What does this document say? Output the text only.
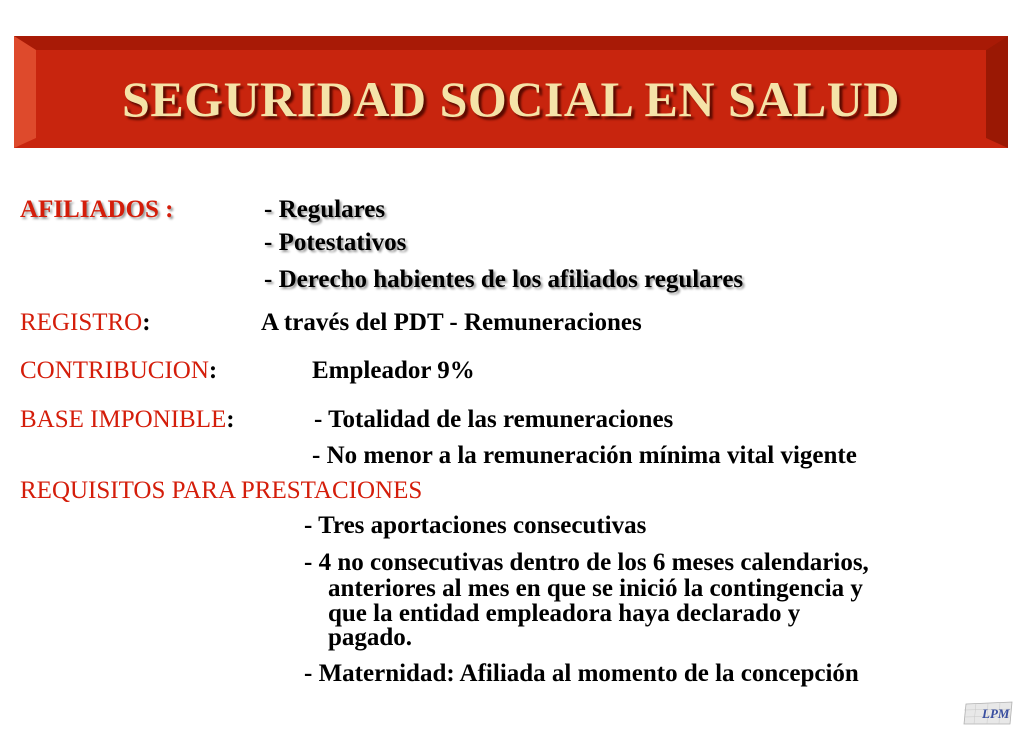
SEGURIDAD SOCIAL EN SALUD
AFILIADOS :	- Regulares
- Potestativos
- Derecho habientes de los afiliados regulares
REGISTRO:	A través del PDT - Remuneraciones
CONTRIBUCION:	Empleador 9%
BASE IMPONIBLE:	- Totalidad de las remuneraciones
- No menor a la remuneración mínima vital vigente
REQUISITOS PARA PRESTACIONES
- Tres aportaciones consecutivas
- 4 no consecutivas dentro de los 6 meses calendarios,
anteriores al mes en que se inició la contingencia y
que la entidad empleadora haya declarado y
pagado.
- Maternidad: Afiliada al momento de la concepción
LPM
